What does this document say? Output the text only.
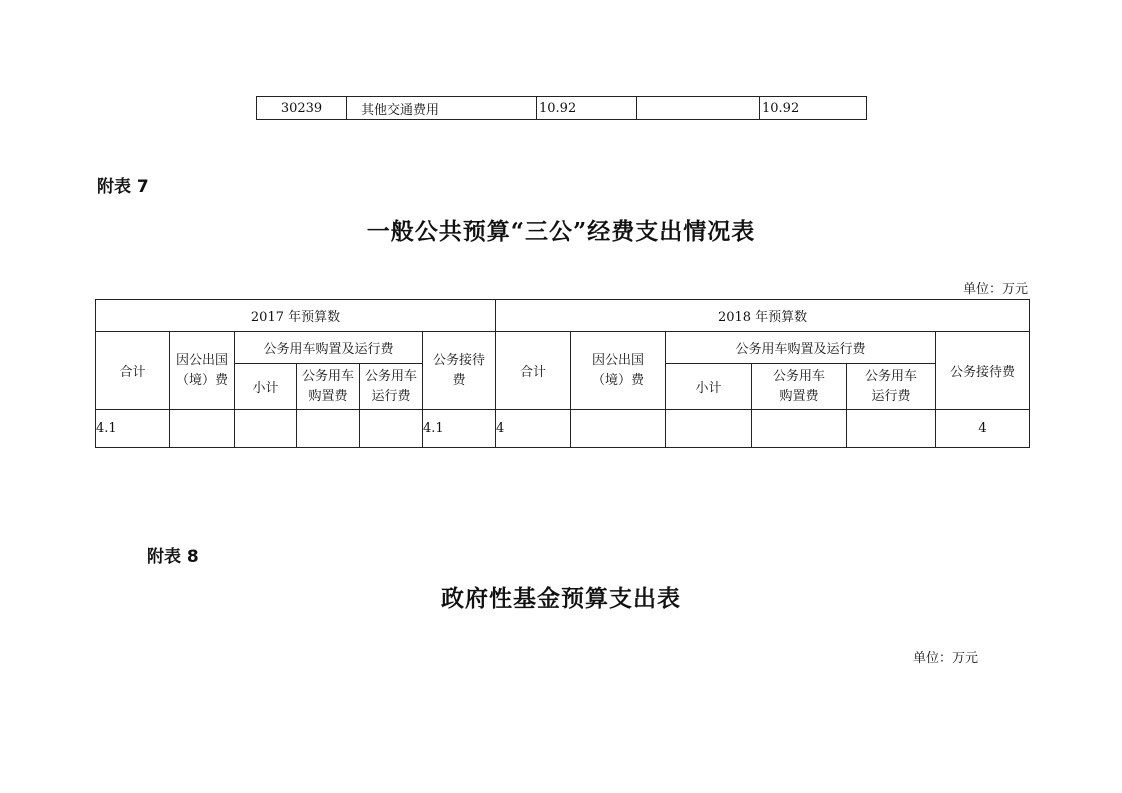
30239	其他交通费用	10.92		10.92
附表 7
一般公共预算“三公”经费支出情况表
单位：万元
2017 年预算数						2018 年预算数					
合计	因公出国（境）费	公务用车购置及运行费			公务接待费	合计	因公出国（境）费	公务用车购置及运行费			公务接待费
		小计	公务用车购置费	公务用车运行费				小计	公务用车购置费	公务用车运行费	
4.1					4.1	4					4
附表 8
政府性基金预算支出表
单位：万元
